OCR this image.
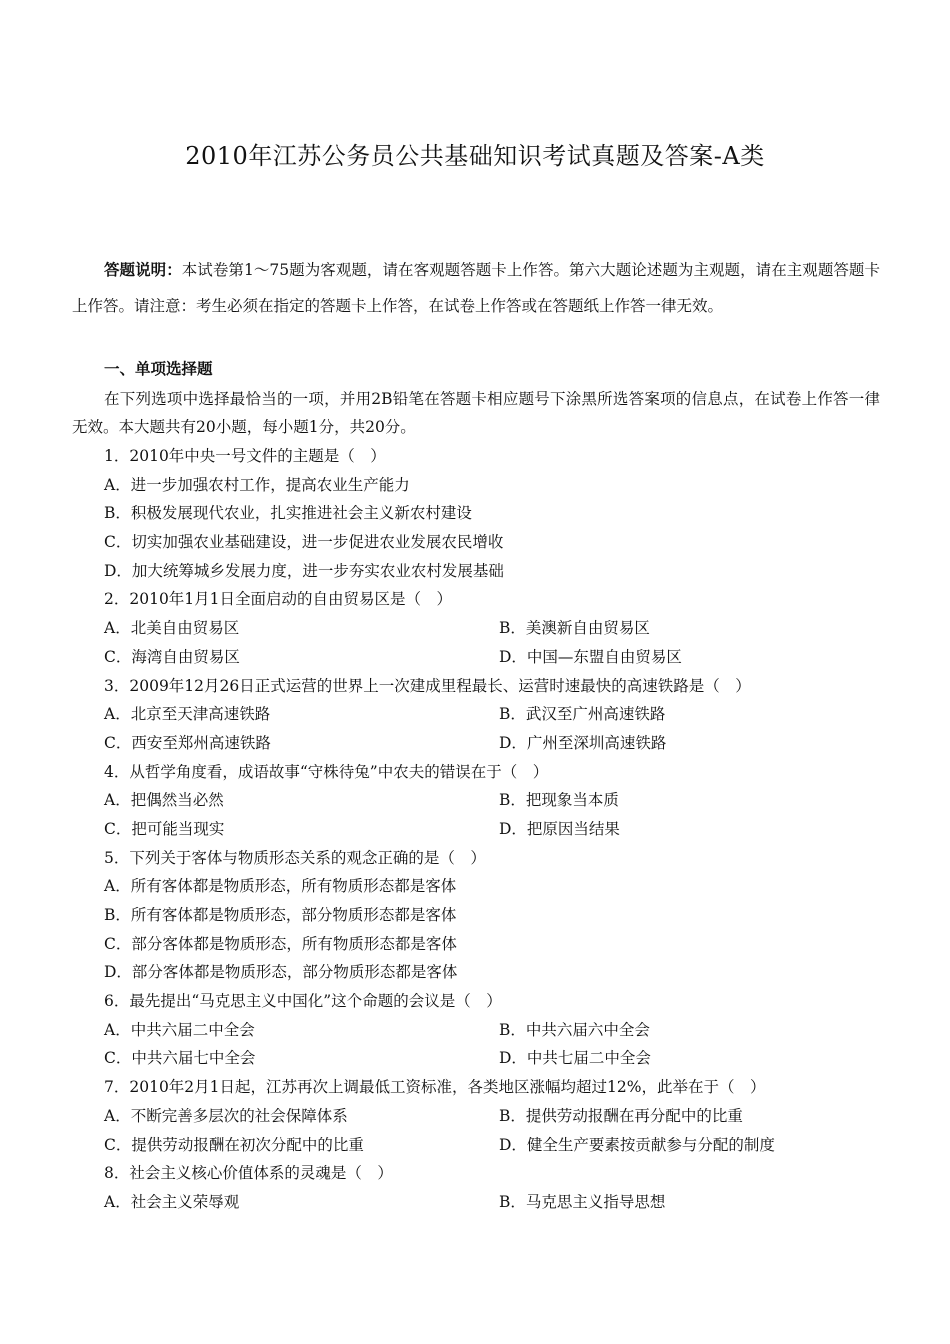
2010年江苏公务员公共基础知识考试真题及答案-A类
答题说明：本试卷第1～75题为客观题，请在客观题答题卡上作答。第六大题论述题为主观题，请在主观题答题卡上作答。请注意：考生必须在指定的答题卡上作答，在试卷上作答或在答题纸上作答一律无效。
一、单项选择题
在下列选项中选择最恰当的一项，并用2B铅笔在答题卡相应题号下涂黑所选答案项的信息点，在试卷上作答一律无效。本大题共有20小题，每小题1分，共20分。
1．2010年中央一号文件的主题是（　）
A．进一步加强农村工作，提高农业生产能力
B．积极发展现代农业，扎实推进社会主义新农村建设
C．切实加强农业基础建设，进一步促进农业发展农民增收
D．加大统筹城乡发展力度，进一步夯实农业农村发展基础
2．2010年1月1日全面启动的自由贸易区是（　）
A．北美自由贸易区	B．美澳新自由贸易区
C．海湾自由贸易区	D．中国—东盟自由贸易区
3．2009年12月26日正式运营的世界上一次建成里程最长、运营时速最快的高速铁路是（　）
A．北京至天津高速铁路	B．武汉至广州高速铁路
C．西安至郑州高速铁路	D．广州至深圳高速铁路
4．从哲学角度看，成语故事“守株待兔”中农夫的错误在于（　）
A．把偶然当必然	B．把现象当本质
C．把可能当现实	D．把原因当结果
5．下列关于客体与物质形态关系的观念正确的是（　）
A．所有客体都是物质形态，所有物质形态都是客体
B．所有客体都是物质形态，部分物质形态都是客体
C．部分客体都是物质形态，所有物质形态都是客体
D．部分客体都是物质形态，部分物质形态都是客体
6．最先提出“马克思主义中国化”这个命题的会议是（　）
A．中共六届二中全会	B．中共六届六中全会
C．中共六届七中全会	D．中共七届二中全会
7．2010年2月1日起，江苏再次上调最低工资标准，各类地区涨幅均超过12%，此举在于（　）
A．不断完善多层次的社会保障体系	B．提供劳动报酬在再分配中的比重
C．提供劳动报酬在初次分配中的比重	D．健全生产要素按贡献参与分配的制度
8．社会主义核心价值体系的灵魂是（　）
A．社会主义荣辱观	B．马克思主义指导思想
